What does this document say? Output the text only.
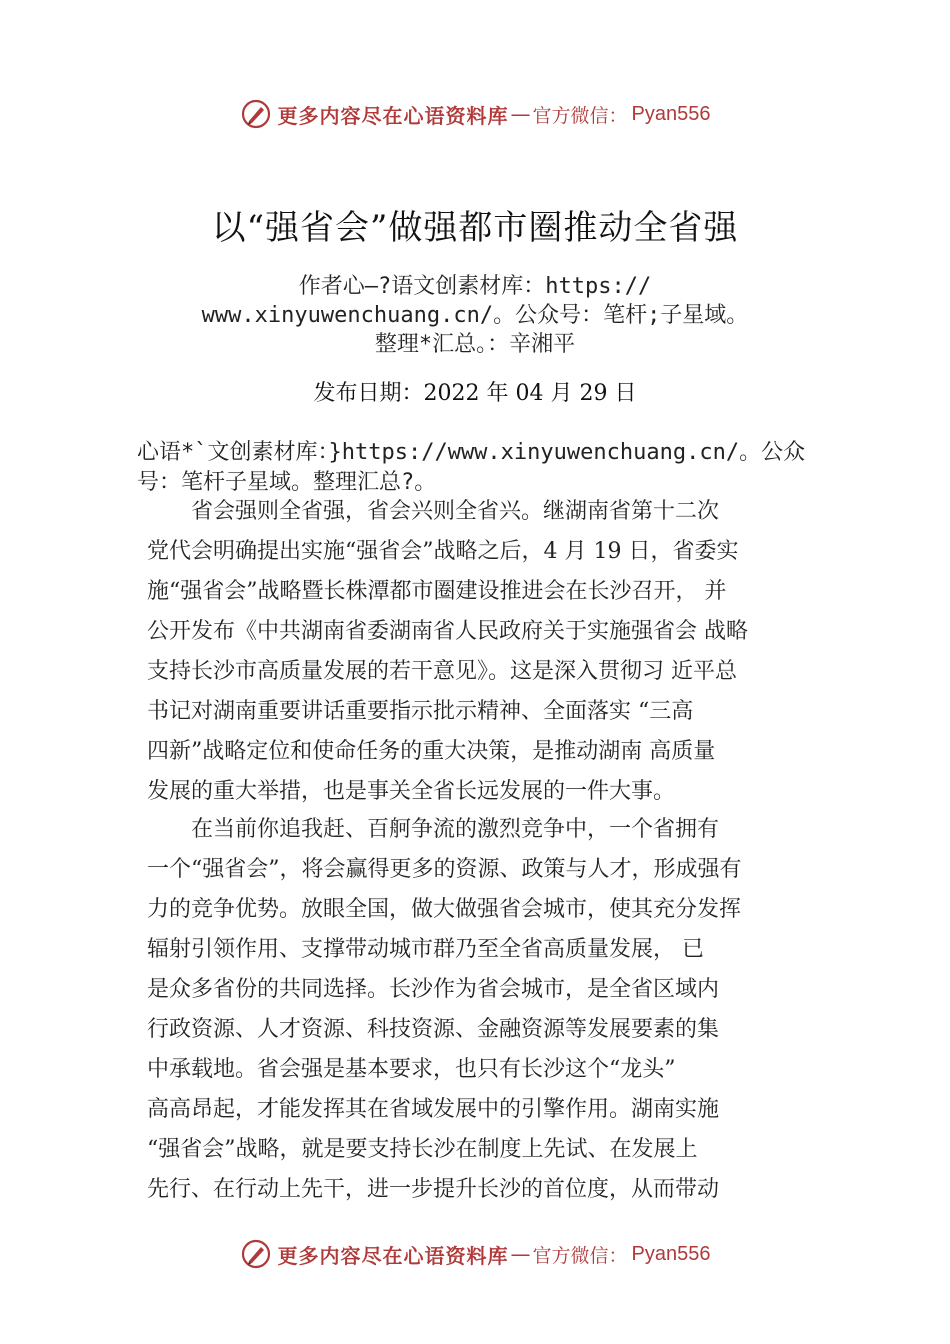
更多内容尽在心语资料库 — 官方微信： Pyan556
以“强省会”做强都市圈推动全省强
作者心—?语文创素材库：https://
www.xinyuwenchuang.cn/。公众号：笔杆;子星域。
整理*汇总。：辛湘平
发布日期：2022 年 04 月 29 日
心语*`文创素材库：}https://www.xinyuwenchuang.cn/。公众
号：笔杆子星域。整理汇总?。
　　省会强则全省强，省会兴则全省兴。继湖南省第十二次
党代会明确提出实施“强省会”战略之后，4 月 19 日，省委实
施“强省会”战略暨长株潭都市圈建设推进会在长沙召开， 并
公开发布《中共湖南省委湖南省人民政府关于实施强省会 战略
支持长沙市高质量发展的若干意见》。这是深入贯彻习 近平总
书记对湖南重要讲话重要指示批示精神、全面落实 “三高
四新”战略定位和使命任务的重大决策，是推动湖南 高质量
发展的重大举措，也是事关全省长远发展的一件大事。
　　在当前你追我赶、百舸争流的激烈竞争中，一个省拥有
一个“强省会”，将会赢得更多的资源、政策与人才，形成强有
力的竞争优势。放眼全国，做大做强省会城市，使其充分发挥
辐射引领作用、支撑带动城市群乃至全省高质量发展， 已
是众多省份的共同选择。长沙作为省会城市，是全省区域内
行政资源、人才资源、科技资源、金融资源等发展要素的集
中承载地。省会强是基本要求，也只有长沙这个“龙头”
高高昂起，才能发挥其在省域发展中的引擎作用。湖南实施
“强省会”战略，就是要支持长沙在制度上先试、在发展上
先行、在行动上先干，进一步提升长沙的首位度，从而带动
更多内容尽在心语资料库 — 官方微信： Pyan556
